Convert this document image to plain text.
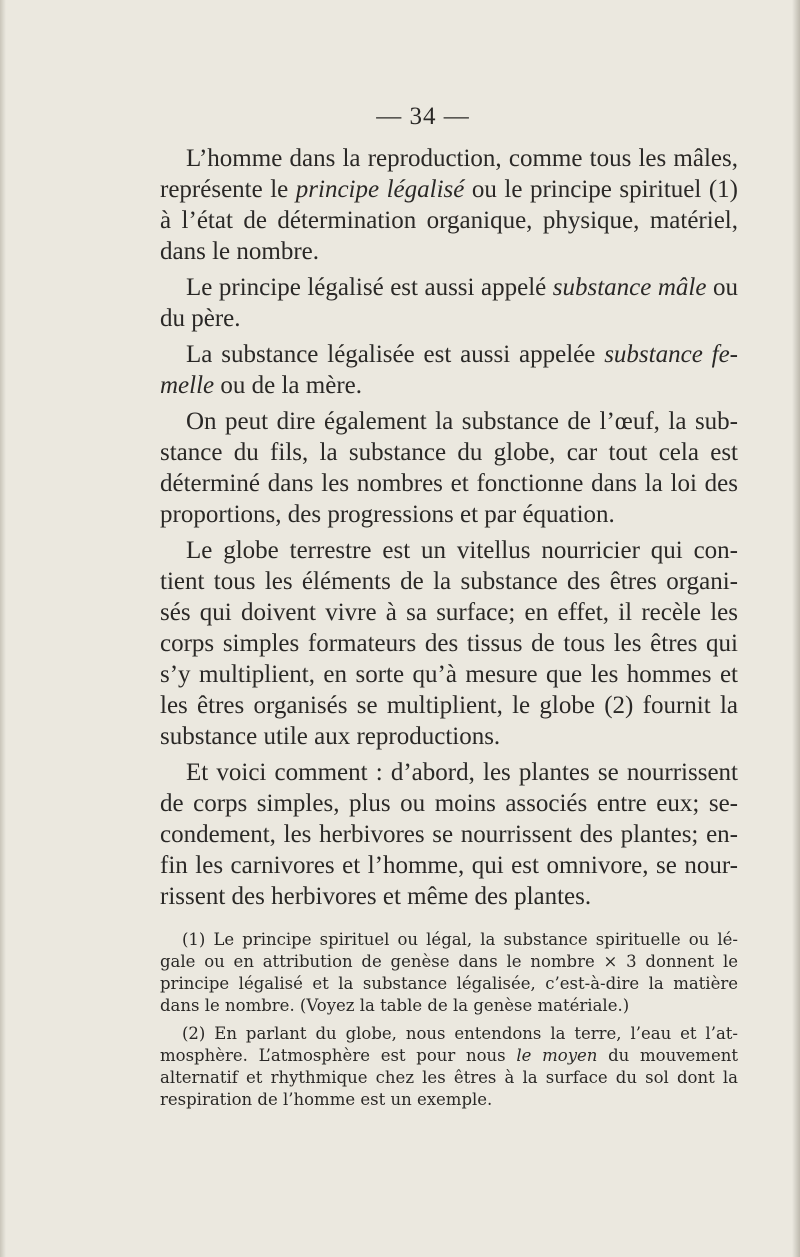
— 34 —
L’homme dans la reproduction, comme tous les mâles,
représente le principe légalisé ou le principe spirituel (1)
à l’état de détermination organique, physique, matériel,
dans le nombre.
Le principe légalisé est aussi appelé substance mâle ou
du père.
La substance légalisée est aussi appelée substance fe-
melle ou de la mère.
On peut dire également la substance de l’œuf, la sub-
stance du fils, la substance du globe, car tout cela est
déterminé dans les nombres et fonctionne dans la loi des
proportions, des progressions et par équation.
Le globe terrestre est un vitellus nourricier qui con-
tient tous les éléments de la substance des êtres organi-
sés qui doivent vivre à sa surface; en effet, il recèle les
corps simples formateurs des tissus de tous les êtres qui
s’y multiplient, en sorte qu’à mesure que les hommes et
les êtres organisés se multiplient, le globe (2) fournit la
substance utile aux reproductions.
Et voici comment : d’abord, les plantes se nourrissent
de corps simples, plus ou moins associés entre eux; se-
condement, les herbivores se nourrissent des plantes; en-
fin les carnivores et l’homme, qui est omnivore, se nour-
rissent des herbivores et même des plantes.
(1) Le principe spirituel ou légal, la substance spirituelle ou lé-
gale ou en attribution de genèse dans le nombre × 3 donnent le
principe légalisé et la substance légalisée, c’est-à-dire la matière
dans le nombre. (Voyez la table de la genèse matériale.)
(2) En parlant du globe, nous entendons la terre, l’eau et l’at-
mosphère. L’atmosphère est pour nous le moyen du mouvement
alternatif et rhythmique chez les êtres à la surface du sol dont la
respiration de l’homme est un exemple.
